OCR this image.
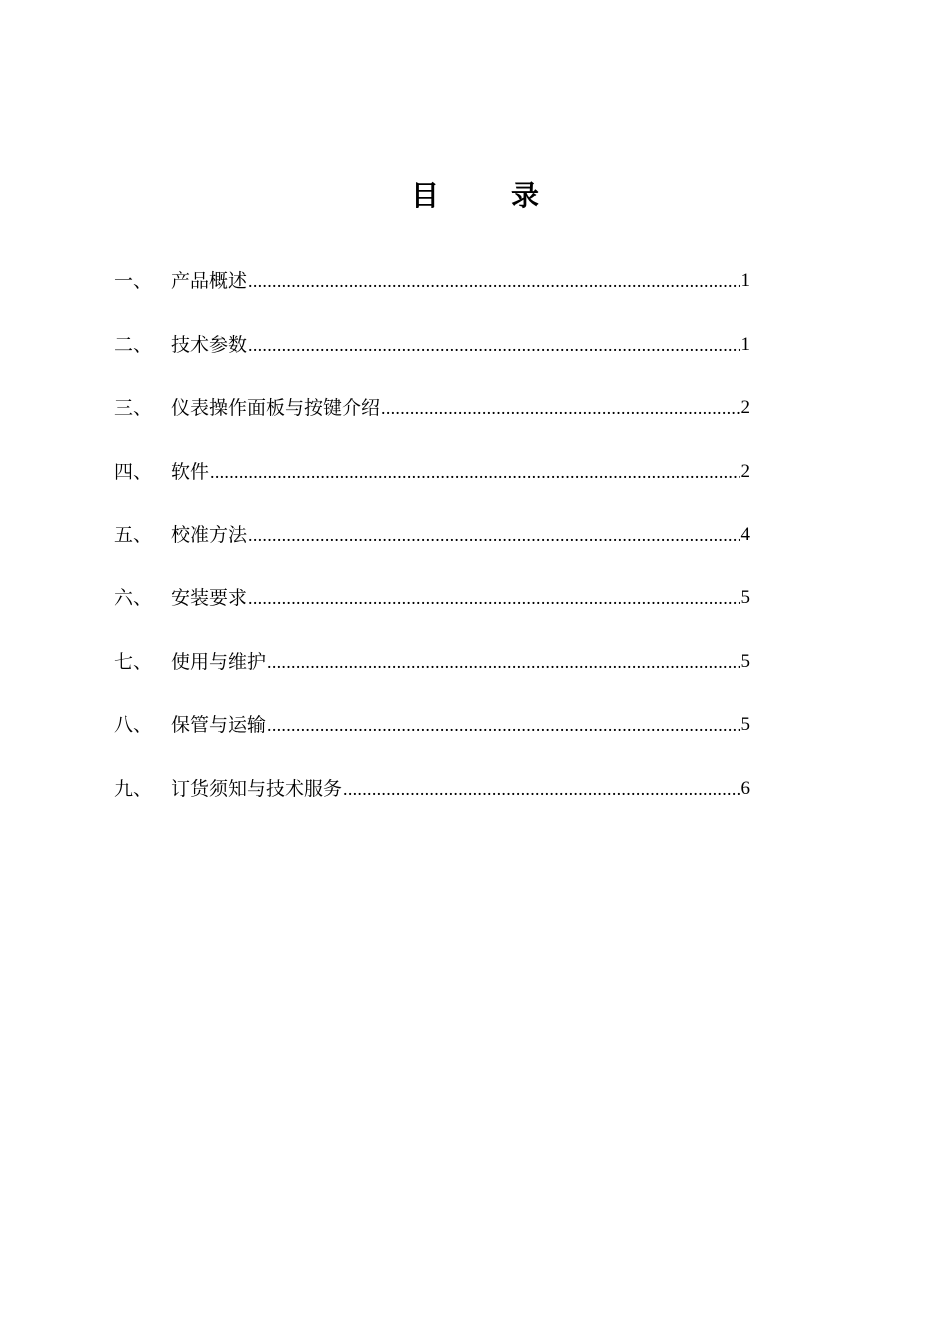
目	录
一、 产品概述 .....	1
二、 技术参数 .....	1
三、 仪表操作面板与按键介绍 .....	2
四、 软件 .....	2
五、 校准方法 .....	4
六、 安装要求 .....	5
七、 使用与维护 .....	5
八、 保管与运输 .....	5
九、 订货须知与技术服务 .....	6
